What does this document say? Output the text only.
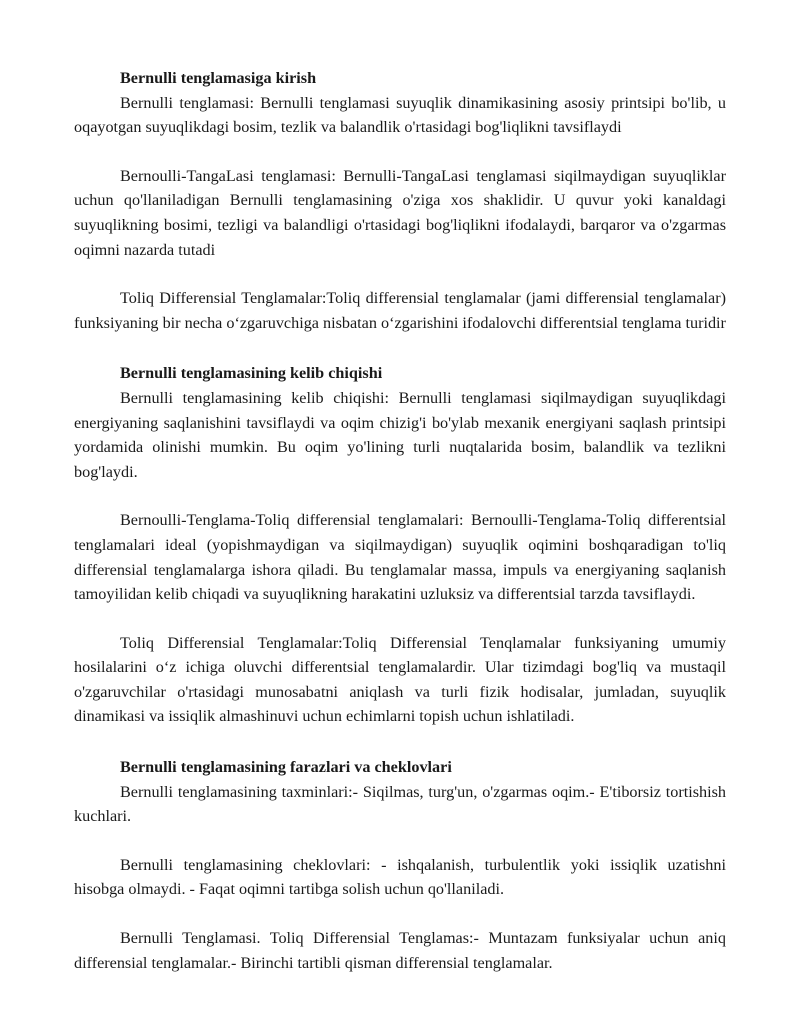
Bernulli tenglamasiga kirish

Bernulli tenglamasi: Bernulli tenglamasi suyuqlik dinamikasining asosiy printsipi bo'lib, u oqayotgan suyuqlikdagi bosim, tezlik va balandlik o'rtasidagi bog'liqlikni tavsiflaydi

Bernoulli-TangaLasi tenglamasi: Bernulli-TangaLasi tenglamasi siqilmaydigan suyuqliklar uchun qo'llaniladigan Bernulli tenglamasining o'ziga xos shaklidir. U quvur yoki kanaldagi suyuqlikning bosimi, tezligi va balandligi o'rtasidagi bog'liqlikni ifodalaydi, barqaror va o'zgarmas oqimni nazarda tutadi

Toliq Differensial Tenglamalar:Toliq differensial tenglamalar (jami differensial tenglamalar) funksiyaning bir necha o‘zgaruvchiga nisbatan o‘zgarishini ifodalovchi differentsial tenglama turidir

Bernulli tenglamasining kelib chiqishi

Bernulli tenglamasining kelib chiqishi: Bernulli tenglamasi siqilmaydigan suyuqlikdagi energiyaning saqlanishini tavsiflaydi va oqim chizig'i bo'ylab mexanik energiyani saqlash printsipi yordamida olinishi mumkin. Bu oqim yo'lining turli nuqtalarida bosim, balandlik va tezlikni bog'laydi.

Bernoulli-Tenglama-Toliq differensial tenglamalari: Bernoulli-Tenglama-Toliq differentsial tenglamalari ideal (yopishmaydigan va siqilmaydigan) suyuqlik oqimini boshqaradigan to'liq differensial tenglamalarga ishora qiladi. Bu tenglamalar massa, impuls va energiyaning saqlanish tamoyilidan kelib chiqadi va suyuqlikning harakatini uzluksiz va differentsial tarzda tavsiflaydi.

Toliq Differensial Tenglamalar:Toliq Differensial Tenqlamalar funksiyaning umumiy hosilalarini o‘z ichiga oluvchi differentsial tenglamalardir. Ular tizimdagi bog'liq va mustaqil o'zgaruvchilar o'rtasidagi munosabatni aniqlash va turli fizik hodisalar, jumladan, suyuqlik dinamikasi va issiqlik almashinuvi uchun echimlarni topish uchun ishlatiladi.

Bernulli tenglamasining farazlari va cheklovlari

Bernulli tenglamasining taxminlari:- Siqilmas, turg'un, o'zgarmas oqim.- E'tiborsiz tortishish kuchlari.

Bernulli tenglamasining cheklovlari: - ishqalanish, turbulentlik yoki issiqlik uzatishni hisobga olmaydi. - Faqat oqimni tartibga solish uchun qo'llaniladi.

Bernulli Tenglamasi. Toliq Differensial Tenglamas:- Muntazam funksiyalar uchun aniq differensial tenglamalar.- Birinchi tartibli qisman differensial tenglamalar.
